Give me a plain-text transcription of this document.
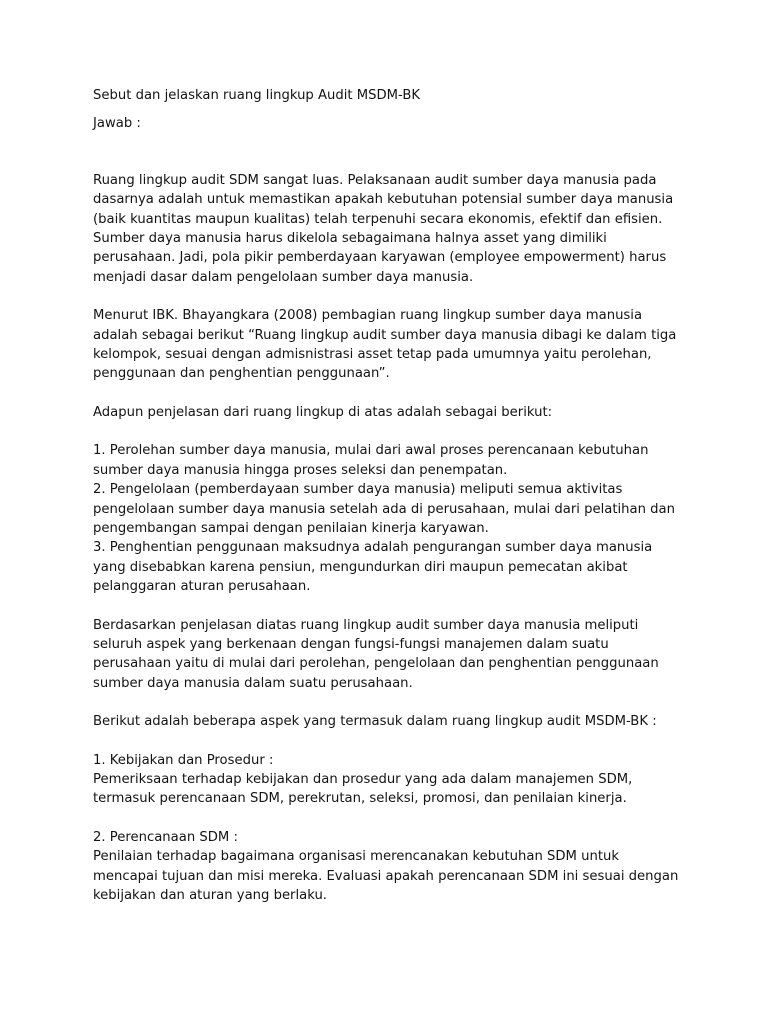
Sebut dan jelaskan ruang lingkup Audit MSDM-BK

Jawab :

Ruang lingkup audit SDM sangat luas. Pelaksanaan audit sumber daya manusia pada dasarnya adalah untuk memastikan apakah kebutuhan potensial sumber daya manusia (baik kuantitas maupun kualitas) telah terpenuhi secara ekonomis, efektif dan efisien. Sumber daya manusia harus dikelola sebagaimana halnya asset yang dimiliki perusahaan. Jadi, pola pikir pemberdayaan karyawan (employee empowerment) harus menjadi dasar dalam pengelolaan sumber daya manusia.

Menurut IBK. Bhayangkara (2008) pembagian ruang lingkup sumber daya manusia adalah sebagai berikut “Ruang lingkup audit sumber daya manusia dibagi ke dalam tiga kelompok, sesuai dengan admisnistrasi asset tetap pada umumnya yaitu perolehan, penggunaan dan penghentian penggunaan”.

Adapun penjelasan dari ruang lingkup di atas adalah sebagai berikut:

1. Perolehan sumber daya manusia, mulai dari awal proses perencanaan kebutuhan sumber daya manusia hingga proses seleksi dan penempatan.

2. Pengelolaan (pemberdayaan sumber daya manusia) meliputi semua aktivitas pengelolaan sumber daya manusia setelah ada di perusahaan, mulai dari pelatihan dan pengembangan sampai dengan penilaian kinerja karyawan.

3. Penghentian penggunaan maksudnya adalah pengurangan sumber daya manusia yang disebabkan karena pensiun, mengundurkan diri maupun pemecatan akibat pelanggaran aturan perusahaan.

Berdasarkan penjelasan diatas ruang lingkup audit sumber daya manusia meliputi seluruh aspek yang berkenaan dengan fungsi-fungsi manajemen dalam suatu perusahaan yaitu di mulai dari perolehan, pengelolaan dan penghentian penggunaan sumber daya manusia dalam suatu perusahaan.

Berikut adalah beberapa aspek yang termasuk dalam ruang lingkup audit MSDM-BK :

1. Kebijakan dan Prosedur :

Pemeriksaan terhadap kebijakan dan prosedur yang ada dalam manajemen SDM, termasuk perencanaan SDM, perekrutan, seleksi, promosi, dan penilaian kinerja.

2. Perencanaan SDM :

Penilaian terhadap bagaimana organisasi merencanakan kebutuhan SDM untuk mencapai tujuan dan misi mereka. Evaluasi apakah perencanaan SDM ini sesuai dengan kebijakan dan aturan yang berlaku.
